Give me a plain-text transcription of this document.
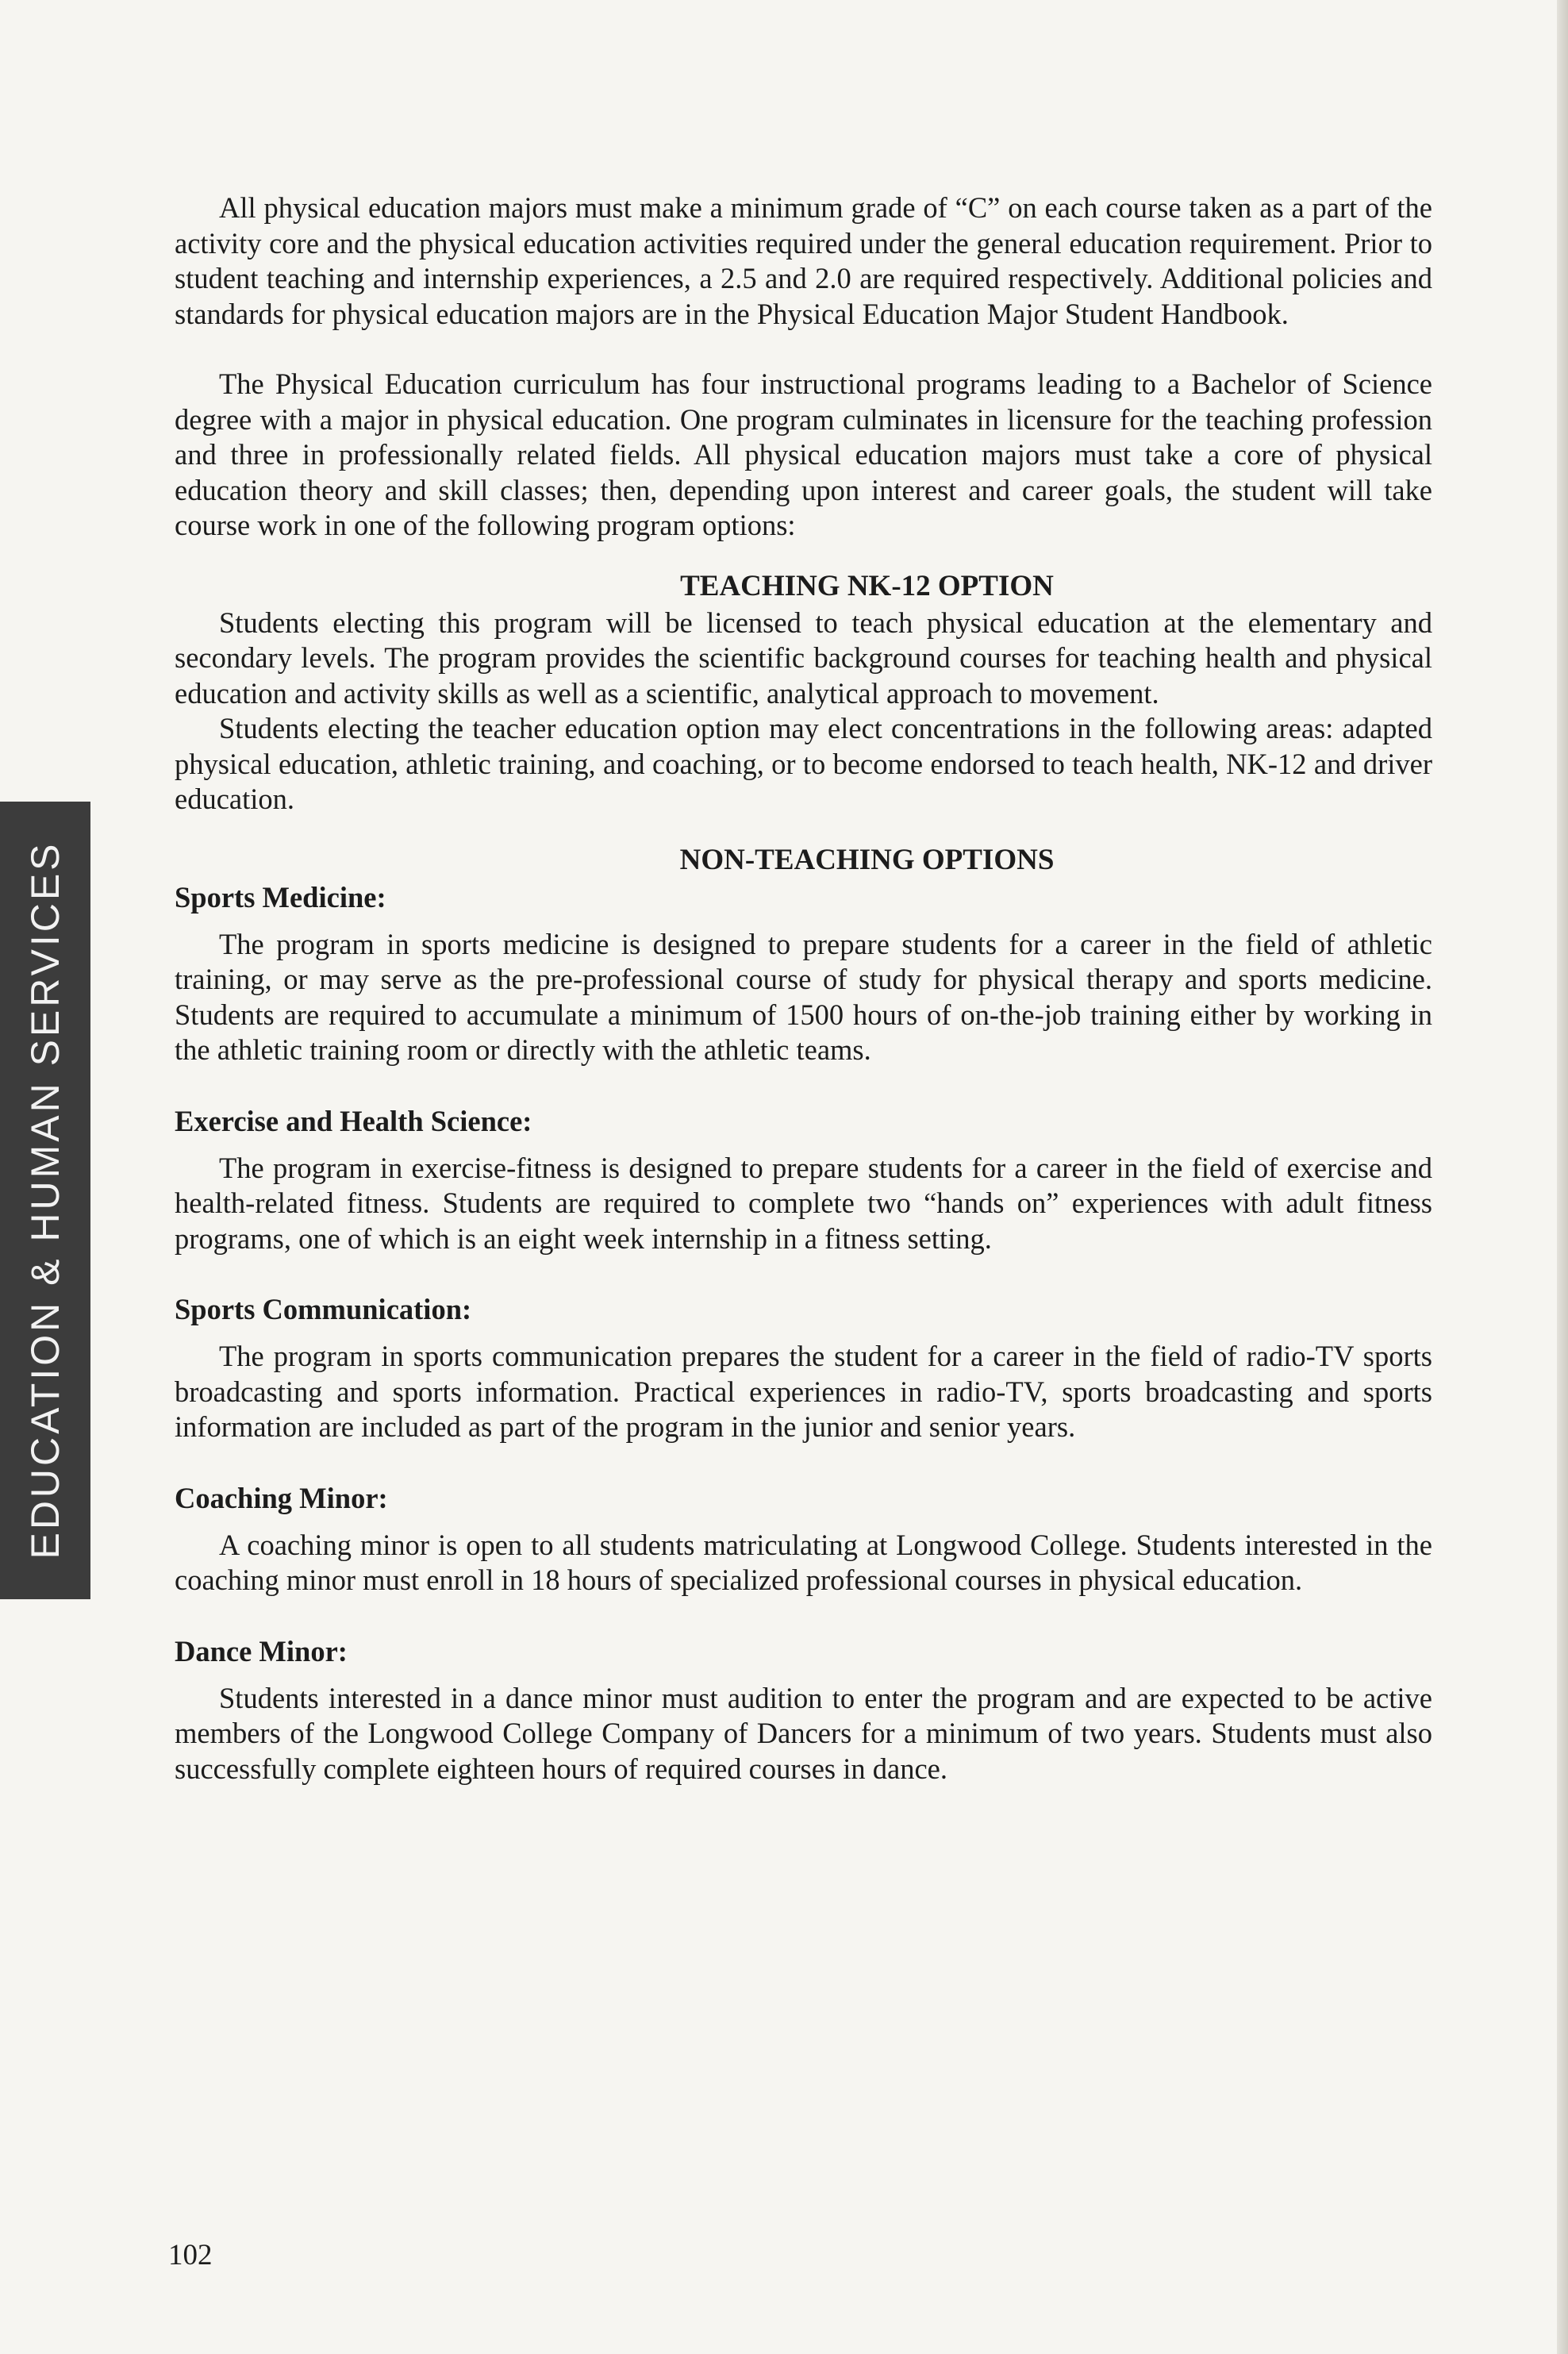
EDUCATION & HUMAN SERVICES

All physical education majors must make a minimum grade of “C” on each course taken as a part of the activity core and the physical education activities required under the general education requirement. Prior to student teaching and internship experiences, a 2.5 and 2.0 are required respectively. Additional policies and standards for physical education majors are in the Physical Education Major Student Handbook.

The Physical Education curriculum has four instructional programs leading to a Bachelor of Science degree with a major in physical education. One program culminates in licensure for the teaching profession and three in professionally related fields. All physical education majors must take a core of physical education theory and skill classes; then, depending upon interest and career goals, the student will take course work in one of the following program options:

TEACHING NK-12 OPTION

Students electing this program will be licensed to teach physical education at the elementary and secondary levels. The program provides the scientific background courses for teaching health and physical education and activity skills as well as a scientific, analytical approach to movement.

Students electing the teacher education option may elect concentrations in the following areas: adapted physical education, athletic training, and coaching, or to become endorsed to teach health, NK-12 and driver education.

NON-TEACHING OPTIONS
Sports Medicine:

The program in sports medicine is designed to prepare students for a career in the field of athletic training, or may serve as the pre-professional course of study for physical therapy and sports medicine. Students are required to accumulate a minimum of 1500 hours of on-the-job training either by working in the athletic training room or directly with the athletic teams.

Exercise and Health Science:

The program in exercise-fitness is designed to prepare students for a career in the field of exercise and health-related fitness. Students are required to complete two “hands on” experiences with adult fitness programs, one of which is an eight week internship in a fitness setting.

Sports Communication:

The program in sports communication prepares the student for a career in the field of radio-TV sports broadcasting and sports information. Practical experiences in radio-TV, sports broadcasting and sports information are included as part of the program in the junior and senior years.

Coaching Minor:

A coaching minor is open to all students matriculating at Longwood College. Students interested in the coaching minor must enroll in 18 hours of specialized professional courses in physical education.

Dance Minor:

Students interested in a dance minor must audition to enter the program and are expected to be active members of the Longwood College Company of Dancers for a minimum of two years. Students must also successfully complete eighteen hours of required courses in dance.

102
